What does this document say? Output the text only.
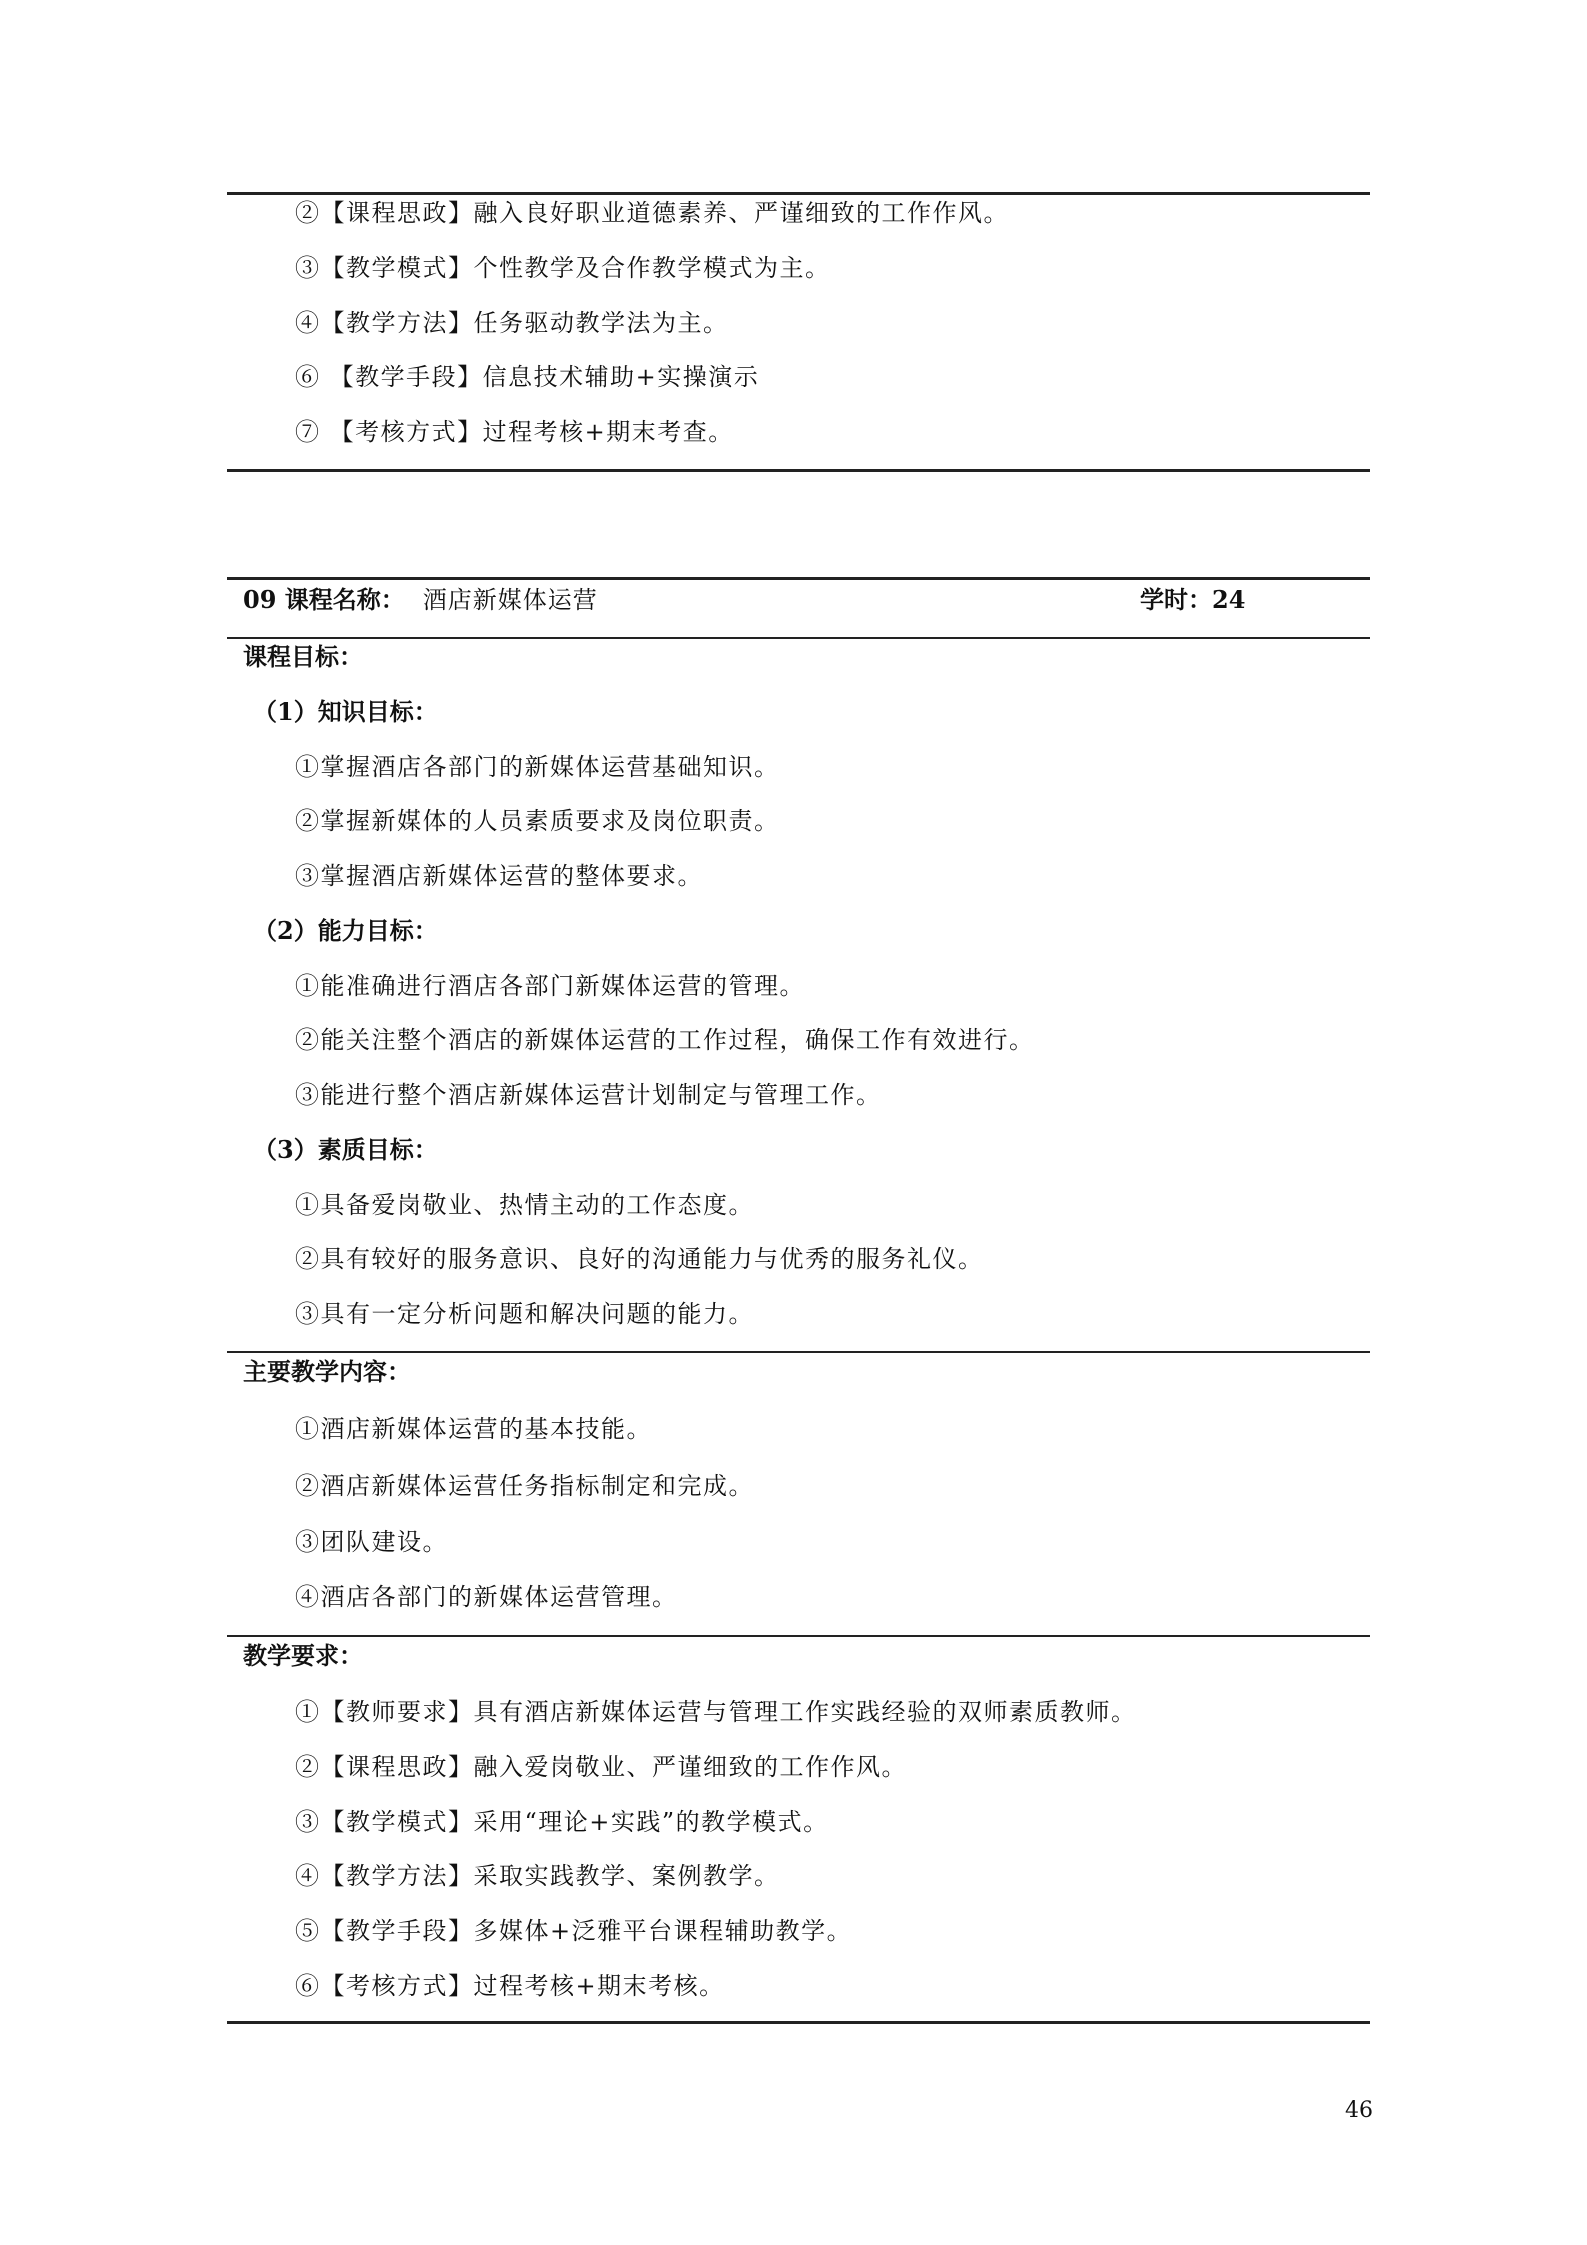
②【课程思政】融入良好职业道德素养、严谨细致的工作作风。
③【教学模式】个性教学及合作教学模式为主。
④【教学方法】任务驱动教学法为主。
⑥ 【教学手段】信息技术辅助+实操演示
⑦ 【考核方式】过程考核+期末考查。
09 课程名称： 酒店新媒体运营	学时：24
课程目标：
（1）知识目标：
①掌握酒店各部门的新媒体运营基础知识。
②掌握新媒体的人员素质要求及岗位职责。
③掌握酒店新媒体运营的整体要求。
（2）能力目标：
①能准确进行酒店各部门新媒体运营的管理。
②能关注整个酒店的新媒体运营的工作过程，确保工作有效进行。
③能进行整个酒店新媒体运营计划制定与管理工作。
（3）素质目标：
①具备爱岗敬业、热情主动的工作态度。
②具有较好的服务意识、良好的沟通能力与优秀的服务礼仪。
③具有一定分析问题和解决问题的能力。
主要教学内容：
①酒店新媒体运营的基本技能。
②酒店新媒体运营任务指标制定和完成。
③团队建设。
④酒店各部门的新媒体运营管理。
教学要求：
①【教师要求】具有酒店新媒体运营与管理工作实践经验的双师素质教师。
②【课程思政】融入爱岗敬业、严谨细致的工作作风。
③【教学模式】采用“理论+实践”的教学模式。
④【教学方法】采取实践教学、案例教学。
⑤【教学手段】多媒体+泛雅平台课程辅助教学。
⑥【考核方式】过程考核+期末考核。
46
